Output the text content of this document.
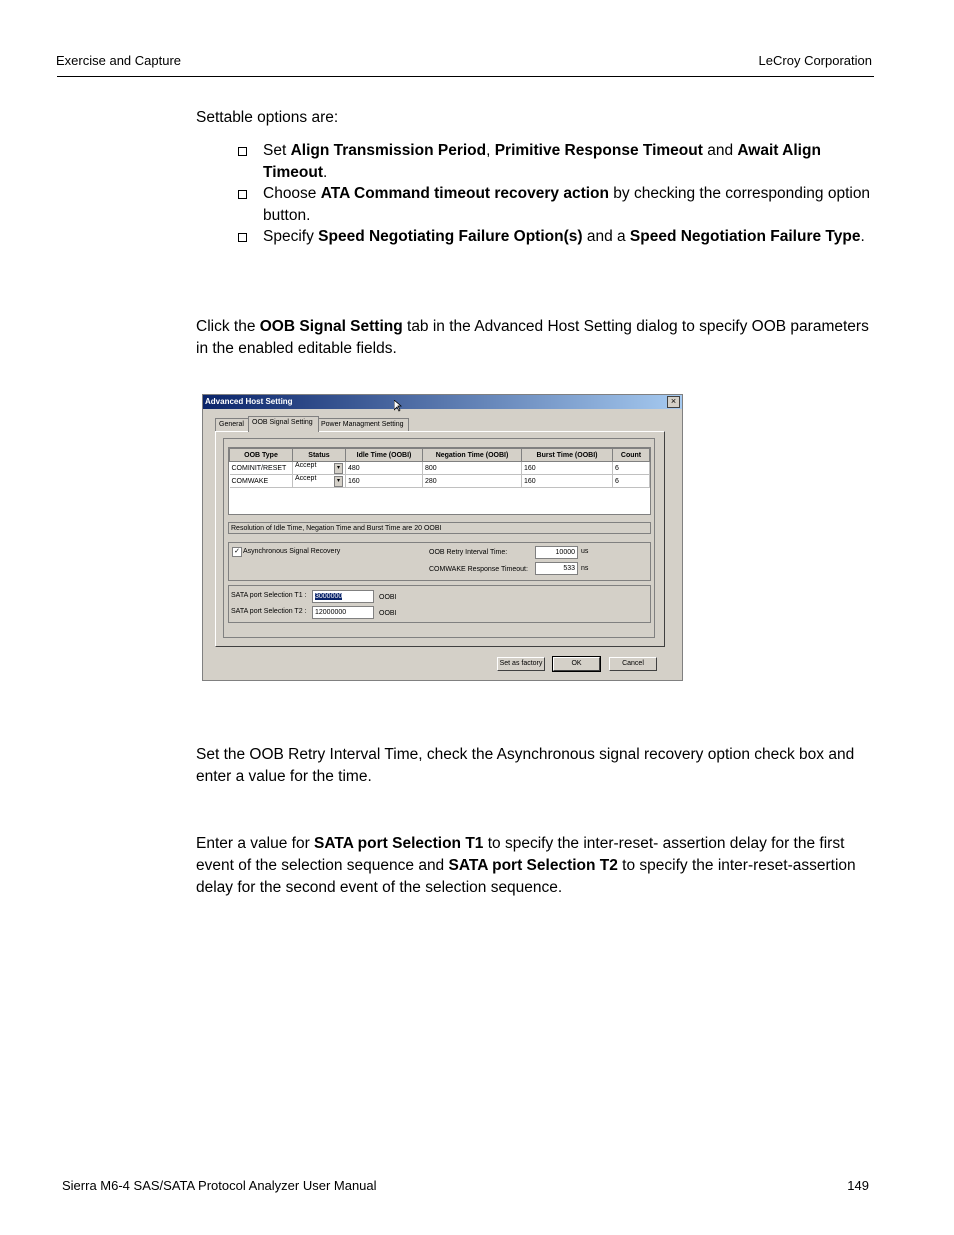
Exercise and Capture	LeCroy Corporation
Settable options are:
Set Align Transmission Period, Primitive Response Timeout and Await Align Timeout.
Choose ATA Command timeout recovery action by checking the corresponding option button.
Specify Speed Negotiating Failure Option(s) and a Speed Negotiation Failure Type.
Click the OOB Signal Setting tab in the Advanced Host Setting dialog to specify OOB parameters in the enabled editable fields.
Advanced Host Setting	×
General	OOB Signal Setting	Power Managment Setting
OOB Type	Status	Idle Time (OOBI)	Negation Time (OOBI)	Burst Time (OOBI)	Count
COMINIT/RESET	Accept ▾	480	800	160	6
COMWAKE	Accept ▾	160	280	160	6
Resolution of Idle Time, Negation Time and Burst Time are 20 OOBI
✓ Asynchronous Signal Recovery	OOB Retry Interval Time:	10000 us
COMWAKE Response Timeout:	533 ns
SATA port Selection T1 :	3000000	OOBI
SATA port Selection T2 :	12000000	OOBI
Set as factory	OK	Cancel
Set the OOB Retry Interval Time, check the Asynchronous signal recovery option check box and enter a value for the time.
Enter a value for SATA port Selection T1 to specify the inter-reset- assertion delay for the first event of the selection sequence and SATA port Selection T2 to specify the inter-reset-assertion delay for the second event of the selection sequence.
Sierra M6-4 SAS/SATA Protocol Analyzer User Manual	149
